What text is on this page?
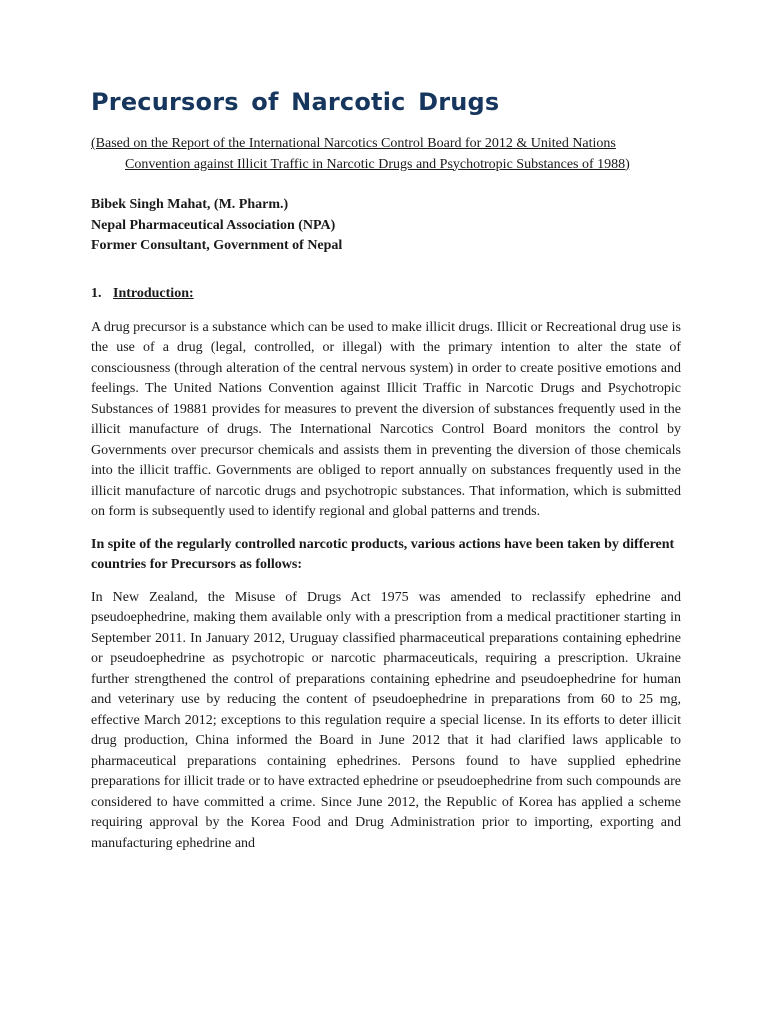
Precursors of Narcotic Drugs

(Based on the Report of the International Narcotics Control Board for 2012 & United Nations Convention against Illicit Traffic in Narcotic Drugs and Psychotropic Substances of 1988)

Bibek Singh Mahat, (M. Pharm.)
Nepal Pharmaceutical Association (NPA)
Former Consultant, Government of Nepal
1. Introduction:

A drug precursor is a substance which can be used to make illicit drugs. Illicit or Recreational drug use is the use of a drug (legal, controlled, or illegal) with the primary intention to alter the state of consciousness (through alteration of the central nervous system) in order to create positive emotions and feelings. The United Nations Convention against Illicit Traffic in Narcotic Drugs and Psychotropic Substances of 19881 provides for measures to prevent the diversion of substances frequently used in the illicit manufacture of drugs. The International Narcotics Control Board monitors the control by Governments over precursor chemicals and assists them in preventing the diversion of those chemicals into the illicit traffic. Governments are obliged to report annually on substances frequently used in the illicit manufacture of narcotic drugs and psychotropic substances. That information, which is submitted on form is subsequently used to identify regional and global patterns and trends.

In spite of the regularly controlled narcotic products, various actions have been taken by different countries for Precursors as follows:

In New Zealand, the Misuse of Drugs Act 1975 was amended to reclassify ephedrine and pseudoephedrine, making them available only with a prescription from a medical practitioner starting in September 2011. In January 2012, Uruguay classified pharmaceutical preparations containing ephedrine or pseudoephedrine as psychotropic or narcotic pharmaceuticals, requiring a prescription. Ukraine further strengthened the control of preparations containing ephedrine and pseudoephedrine for human and veterinary use by reducing the content of pseudoephedrine in preparations from 60 to 25 mg, effective March 2012; exceptions to this regulation require a special license. In its efforts to deter illicit drug production, China informed the Board in June 2012 that it had clarified laws applicable to pharmaceutical preparations containing ephedrines. Persons found to have supplied ephedrine preparations for illicit trade or to have extracted ephedrine or pseudoephedrine from such compounds are considered to have committed a crime. Since June 2012, the Republic of Korea has applied a scheme requiring approval by the Korea Food and Drug Administration prior to importing, exporting and manufacturing ephedrine and
